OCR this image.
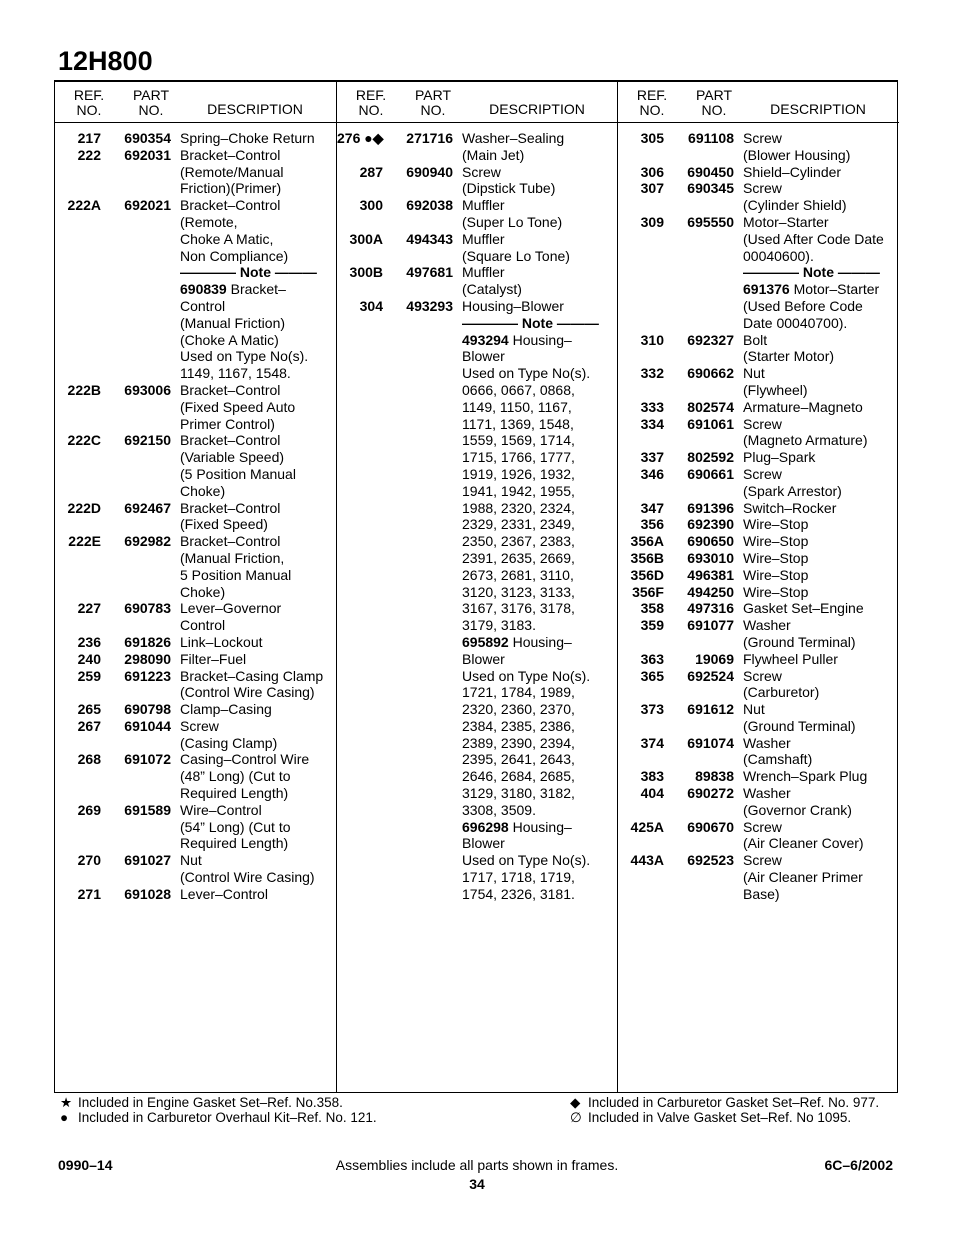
12H800
REF.
NO.
PART
NO.	DESCRIPTION
217	690354 Spring–Choke Return
222	692031 Bracket–Control
(Remote/Manual
Friction)(Primer)
222A	692021 Bracket–Control
(Remote,
Choke A Matic,
Non Compliance)
———— Note ———
690839 Bracket–
Control
(Manual Friction)
(Choke A Matic)
Used on Type No(s).
1149, 1167, 1548.
222B	693006 Bracket–Control
(Fixed Speed Auto
Primer Control)
222C	692150 Bracket–Control
(Variable Speed)
(5 Position Manual
Choke)
222D	692467 Bracket–Control
(Fixed Speed)
222E	692982 Bracket–Control
(Manual Friction,
5 Position Manual
Choke)
227	690783 Lever–Governor
Control
236	691826 Link–Lockout
240	298090 Filter–Fuel
259	691223 Bracket–Casing Clamp
(Control Wire Casing)
265	690798 Clamp–Casing
267	691044 Screw
(Casing Clamp)
268	691072 Casing–Control Wire
(48” Long) (Cut to
Required Length)
269	691589 Wire–Control
(54” Long) (Cut to
Required Length)
270	691027 Nut
(Control Wire Casing)
271	691028 Lever–Control
REF.
NO.
PART
NO.	DESCRIPTION
276 ●◆	271716 Washer–Sealing
(Main Jet)
287	690940 Screw
(Dipstick Tube)
300	692038 Muffler
(Super Lo Tone)
300A	494343 Muffler
(Square Lo Tone)
300B	497681 Muffler
(Catalyst)
304	493293 Housing–Blower
———— Note ———
493294 Housing–
Blower
Used on Type No(s).
0666, 0667, 0868,
1149, 1150, 1167,
1171, 1369, 1548,
1559, 1569, 1714,
1715, 1766, 1777,
1919, 1926, 1932,
1941, 1942, 1955,
1988, 2320, 2324,
2329, 2331, 2349,
2350, 2367, 2383,
2391, 2635, 2669,
2673, 2681, 3110,
3120, 3123, 3133,
3167, 3176, 3178,
3179, 3183.
695892 Housing–
Blower
Used on Type No(s).
1721, 1784, 1989,
2320, 2360, 2370,
2384, 2385, 2386,
2389, 2390, 2394,
2395, 2641, 2643,
2646, 2684, 2685,
3129, 3180, 3182,
3308, 3509.
696298 Housing–
Blower
Used on Type No(s).
1717, 1718, 1719,
1754, 2326, 3181.
REF.
NO.
PART
NO.	DESCRIPTION
305	691108 Screw
(Blower Housing)
306	690450 Shield–Cylinder
307	690345 Screw
(Cylinder Shield)
309	695550 Motor–Starter
(Used After Code Date
00040600).
———— Note ———
691376 Motor–Starter
(Used Before Code
Date 00040700).
310	692327 Bolt
(Starter Motor)
332	690662 Nut
(Flywheel)
333	802574 Armature–Magneto
334	691061 Screw
(Magneto Armature)
337	802592 Plug–Spark
346	690661 Screw
(Spark Arrestor)
347	691396 Switch–Rocker
356	692390 Wire–Stop
356A	690650 Wire–Stop
356B	693010 Wire–Stop
356D	496381 Wire–Stop
356F	494250 Wire–Stop
358	497316 Gasket Set–Engine
359	691077 Washer
(Ground Terminal)
363	19069 Flywheel Puller
365	692524 Screw
(Carburetor)
373	691612 Nut
(Ground Terminal)
374	691074 Washer
(Camshaft)
383	89838 Wrench–Spark Plug
404	690272 Washer
(Governor Crank)
425A	690670 Screw
(Air Cleaner Cover)
443A	692523 Screw
(Air Cleaner Primer
Base)
★ Included in Engine Gasket Set–Ref. No.358.
● Included in Carburetor Overhaul Kit–Ref. No. 121.
◆ Included in Carburetor Gasket Set–Ref. No. 977.
∅ Included in Valve Gasket Set–Ref. No 1095.
0990–14	Assemblies include all parts shown in frames.	6C–6/2002
34
